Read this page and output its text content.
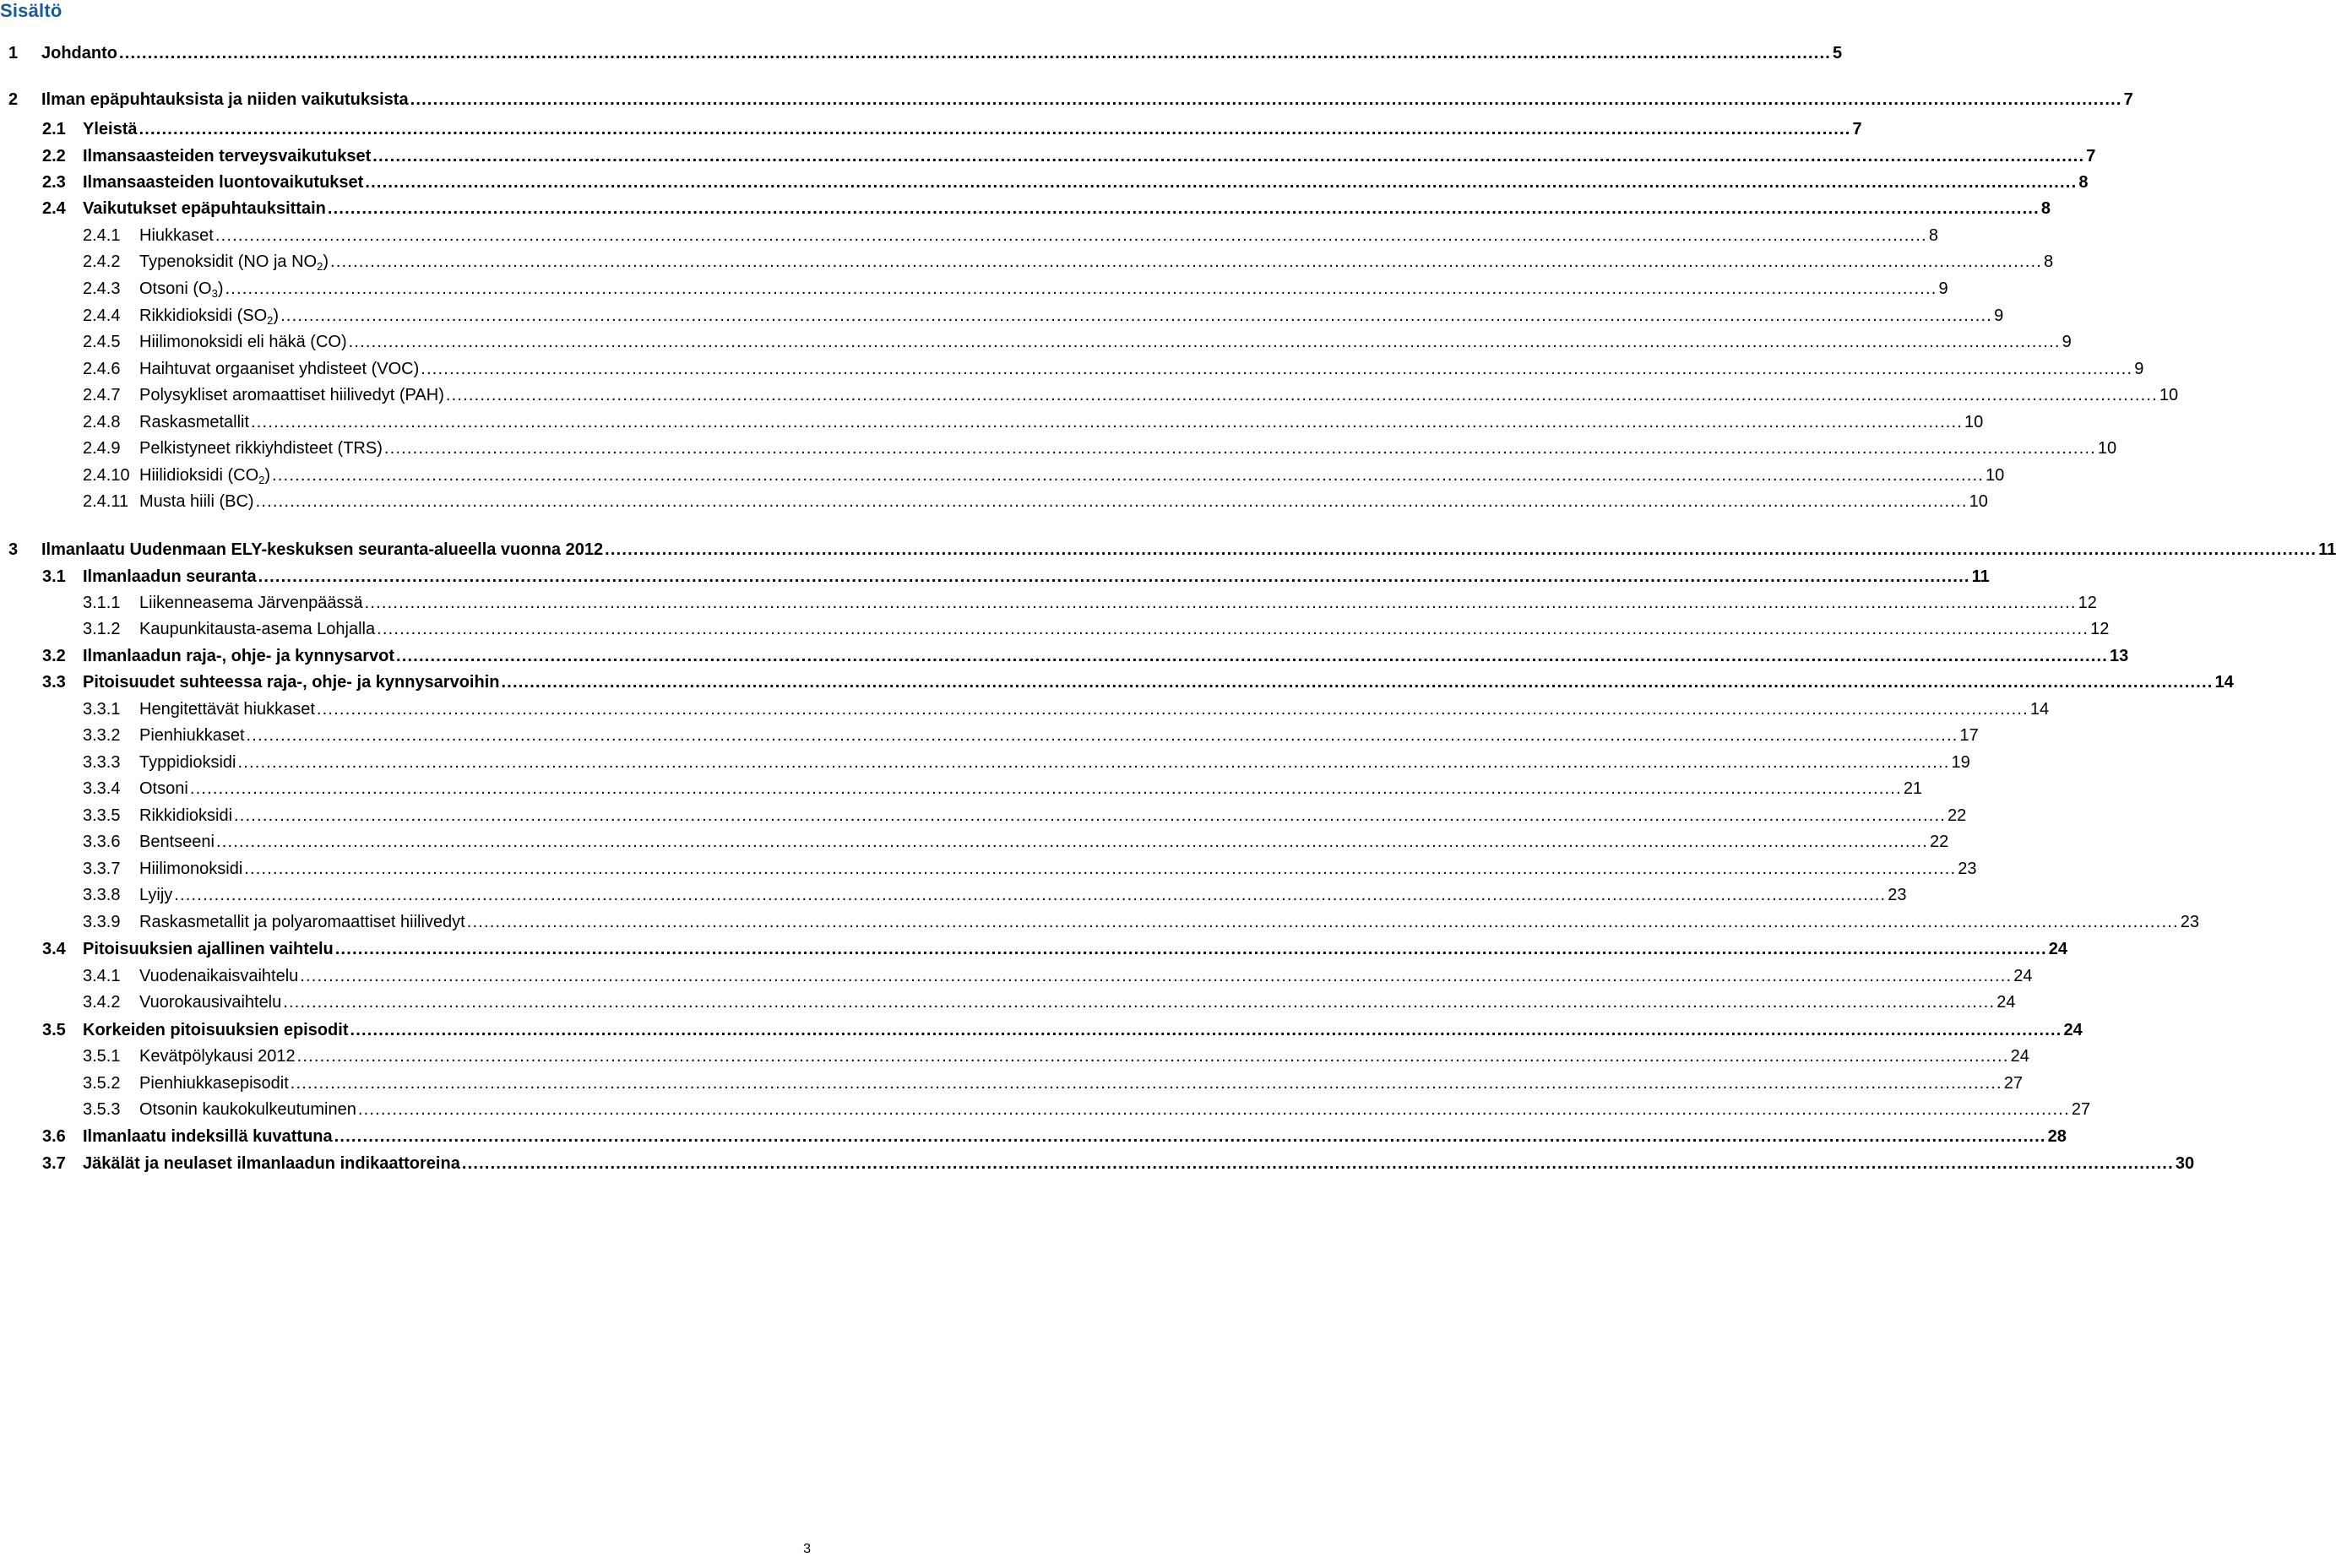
Sisältö
1	Johdanto ............................................................................................................................................................................................................................................................................................................ 5
2	Ilman epäpuhtauksista ja niiden vaikutuksista ............................................................................................................................................................................................................................................................................................................ 7
2.1	Yleistä ............................................................................................................................................................................................................................................................................................................ 7
2.2	Ilmansaasteiden terveysvaikutukset ............................................................................................................................................................................................................................................................................................................ 7
2.3	Ilmansaasteiden luontovaikutukset ............................................................................................................................................................................................................................................................................................................ 8
2.4	Vaikutukset epäpuhtauksittain ............................................................................................................................................................................................................................................................................................................ 8
2.4.1	Hiukkaset ............................................................................................................................................................................................................................................................................................................ 8
2.4.2	Typenoksidit (NO ja $NO_2$) ............................................................................................................................................................................................................................................................................................................ 8
2.4.3	Otsoni $(O_3)$ ............................................................................................................................................................................................................................................................................................................ 9
2.4.4	Rikkidioksidi $(SO_2)$ ............................................................................................................................................................................................................................................................................................................ 9
2.4.5	Hiilimonoksidi eli häkä (CO) ............................................................................................................................................................................................................................................................................................................ 9
2.4.6	Haihtuvat orgaaniset yhdisteet (VOC) ............................................................................................................................................................................................................................................................................................................ 9
2.4.7	Polysykliset aromaattiset hiilivedyt (PAH) ............................................................................................................................................................................................................................................................................................................ 10
2.4.8	Raskasmetallit ............................................................................................................................................................................................................................................................................................................ 10
2.4.9	Pelkistyneet rikkiyhdisteet (TRS) ............................................................................................................................................................................................................................................................................................................ 10
2.4.10 Hiilidioksidi $(CO_2)$ ............................................................................................................................................................................................................................................................................................................ 10
2.4.11 Musta hiili (BC) ............................................................................................................................................................................................................................................................................................................ 10
3	Ilmanlaatu Uudenmaan ELY-keskuksen seuranta-alueella vuonna 2012 ............................................................................................................................................................................................................................................................................................................ 11
3.1	Ilmanlaadun seuranta ............................................................................................................................................................................................................................................................................................................ 11
3.1.1	Liikenneasema Järvenpäässä ............................................................................................................................................................................................................................................................................................................ 12
3.1.2	Kaupunkitausta-asema Lohjalla ............................................................................................................................................................................................................................................................................................................ 12
3.2	Ilmanlaadun raja-, ohje- ja kynnysarvot ............................................................................................................................................................................................................................................................................................................ 13
3.3	Pitoisuudet suhteessa raja-, ohje- ja kynnysarvoihin ............................................................................................................................................................................................................................................................................................................ 14
3.3.1	Hengitettävät hiukkaset ............................................................................................................................................................................................................................................................................................................ 14
3.3.2	Pienhiukkaset ............................................................................................................................................................................................................................................................................................................ 17
3.3.3	Typpidioksidi ............................................................................................................................................................................................................................................................................................................ 19
3.3.4	Otsoni ............................................................................................................................................................................................................................................................................................................ 21
3.3.5	Rikkidioksidi ............................................................................................................................................................................................................................................................................................................ 22
3.3.6	Bentseeni ............................................................................................................................................................................................................................................................................................................ 22
3.3.7	Hiilimonoksidi ............................................................................................................................................................................................................................................................................................................ 23
3.3.8	Lyijy ............................................................................................................................................................................................................................................................................................................ 23
3.3.9	Raskasmetallit ja polyaromaattiset hiilivedyt ............................................................................................................................................................................................................................................................................................................ 23
3.4	Pitoisuuksien ajallinen vaihtelu ............................................................................................................................................................................................................................................................................................................ 24
3.4.1	Vuodenaikaisvaihtelu ............................................................................................................................................................................................................................................................................................................ 24
3.4.2	Vuorokausivaihtelu ............................................................................................................................................................................................................................................................................................................ 24
3.5	Korkeiden pitoisuuksien episodit ............................................................................................................................................................................................................................................................................................................ 24
3.5.1	Kevätpölykausi 2012 ............................................................................................................................................................................................................................................................................................................ 24
3.5.2	Pienhiukkasepisodit ............................................................................................................................................................................................................................................................................................................ 27
3.5.3	Otsonin kaukokulkeutuminen ............................................................................................................................................................................................................................................................................................................ 27
3.6	Ilmanlaatu indeksillä kuvattuna ............................................................................................................................................................................................................................................................................................................ 28
3.7	Jäkälät ja neulaset ilmanlaadun indikaattoreina ............................................................................................................................................................................................................................................................................................................ 30
3
